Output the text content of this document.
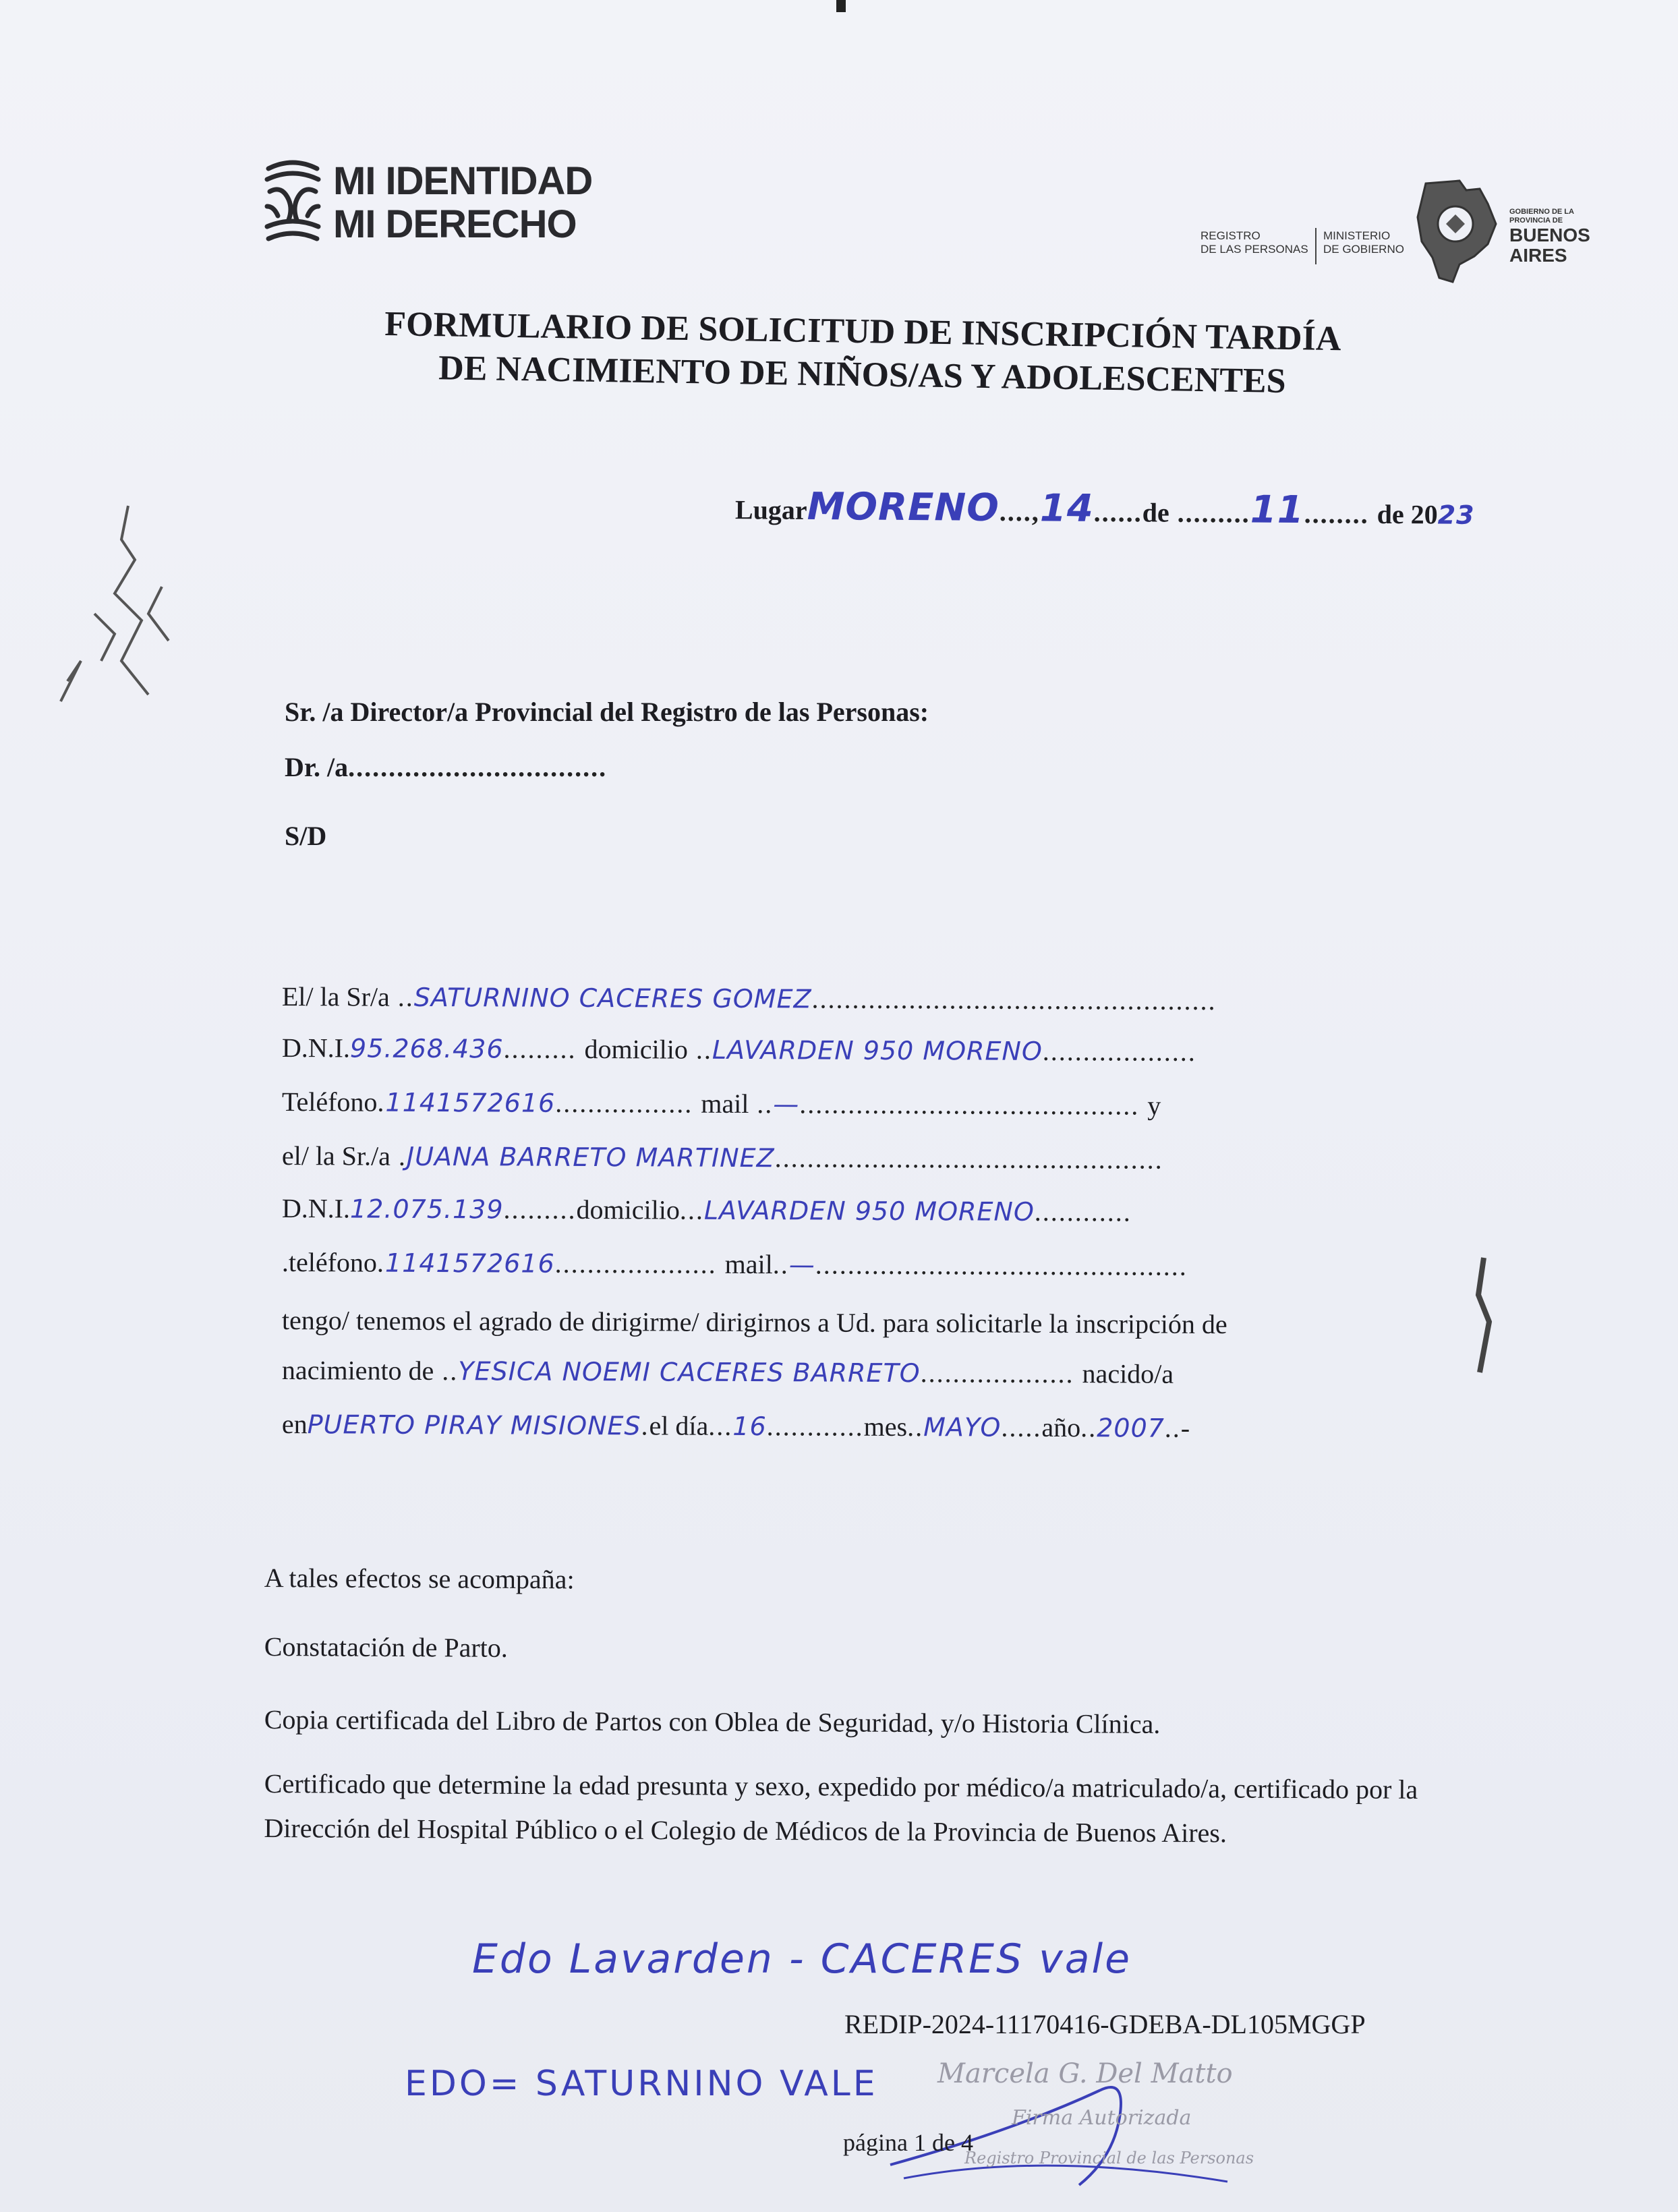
MI IDENTIDAD
MI DERECHO	REGISTRO
DE LAS PERSONAS
MINISTERIO
DE GOBIERNO
GOBIERNO DE LA
PROVINCIA DE
BUENOS
AIRES
FORMULARIO DE SOLICITUD DE INSCRIPCIÓN TARDÍA
DE NACIMIENTO DE NIÑOS/AS Y ADOLESCENTES
LugarMORENO....,14......de .........11........ de 2023
Sr. /a Director/a Provincial del Registro de las Personas:
Dr. /a................................
S/D
El/ la Sr/a ..SATURNINO CACERES GOMEZ..................................................
D.N.I.95.268.436......... domicilio ..LAVARDEN 950 MORENO...................
Teléfono.1141572616................. mail ..—.......................................... y
el/ la Sr./a .JUANA BARRETO MARTINEZ................................................
D.N.I.12.075.139.........domicilio...LAVARDEN 950 MORENO............
.teléfono.1141572616.................... mail..—..............................................
tengo/ tenemos el agrado de dirigirme/ dirigirnos a Ud. para solicitarle la inscripción de
nacimiento de ..YESICA NOEMI CACERES BARRETO................... nacido/a
enPUERTO PIRAY MISIONES.el día...16............mes..MAYO.....año..2007..-
A tales efectos se acompaña:
Constatación de Parto.
Copia certificada del Libro de Partos con Oblea de Seguridad, y/o Historia Clínica.
Certificado que determine la edad presunta y sexo, expedido por médico/a matriculado/a, certificado por la Dirección del Hospital Público o el Colegio de Médicos de la Provincia de Buenos Aires.
Edo Lavarden - CACERES vale
REDIP-2024-11170416-GDEBA-DL105MGGP
EDO= SATURNINO VALE Marcela G. Del Matto
Firma Autorizada
Registro Provincial de las Personas
página 1 de 4
